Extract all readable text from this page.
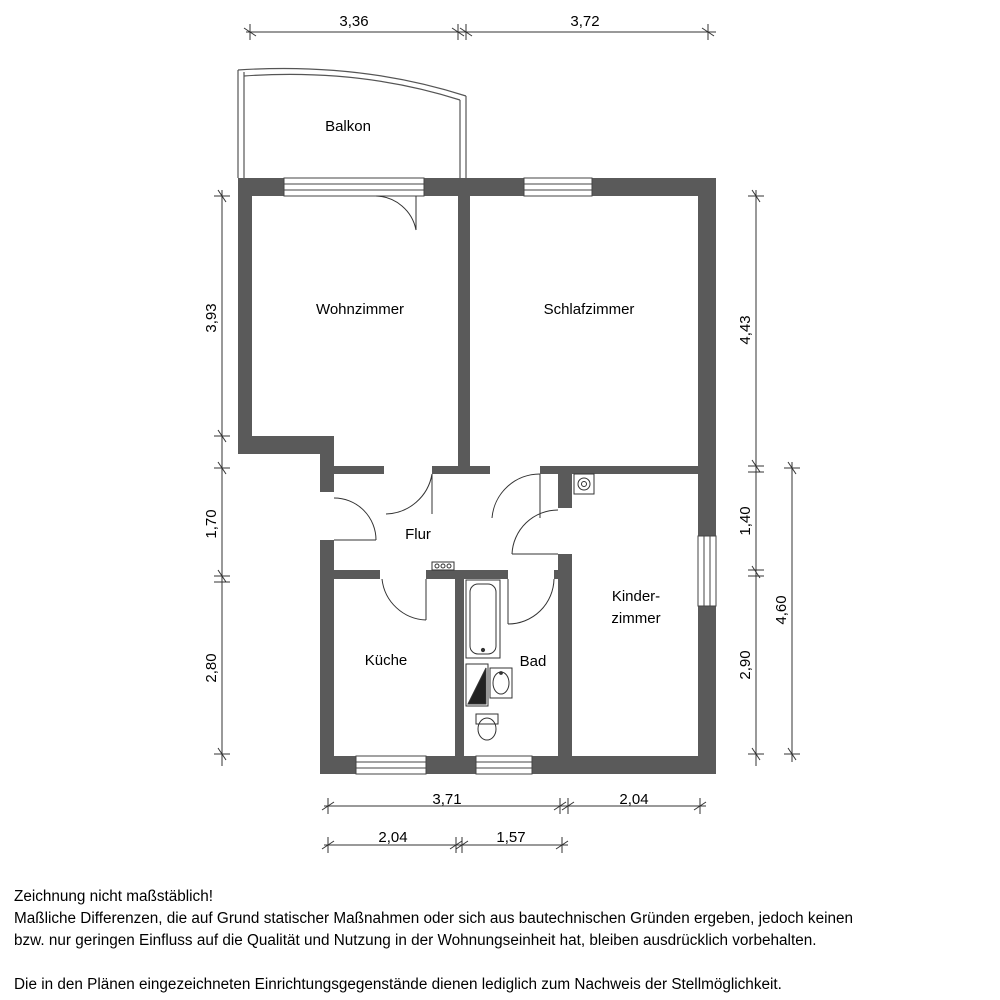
Balkon
Wohnzimmer	Schlafzimmer
Flur
Küche	Bad
Kinder-
zimmer
3,36	3,72
3,93
1,70
2,80
4,43
1,40
2,90
4,60
3,71	2,04
2,04	1,57

Zeichnung nicht maßstäblich!

Maßliche Differenzen, die auf Grund statischer Maßnahmen oder sich aus bautechnischen Gründen ergeben, jedoch keinen

bzw. nur geringen Einfluss auf die Qualität und Nutzung in der Wohnungseinheit hat, bleiben ausdrücklich vorbehalten.

Die in den Plänen eingezeichneten Einrichtungsgegenstände dienen lediglich zum Nachweis der Stellmöglichkeit.
